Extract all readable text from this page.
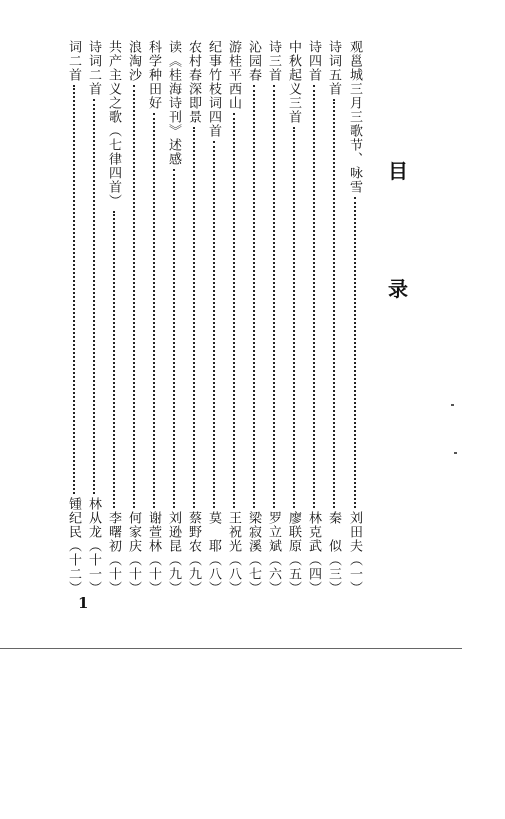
目
录
观邕城三月三歌节、咏雪
刘田夫（一）
诗词五首
秦　似（三）
诗四首
林克武（四）
中秋起义三首
廖联原（五）
诗三首
罗立斌（六）
沁园春
梁寂溪（七）
游桂平西山
王祝光（八）
纪事竹枝词四首
莫　耶（八）
农村春深即景
蔡野农（九）
读《桂海诗刊》述感
刘逊昆（九）
科学种田好
谢萱林（十）
浪淘沙
何家庆（十）
共产主义之歌（七律四首）
李曙初（十）
诗词二首
林从龙（十一）
词二首
锺纪民（十二）
1
